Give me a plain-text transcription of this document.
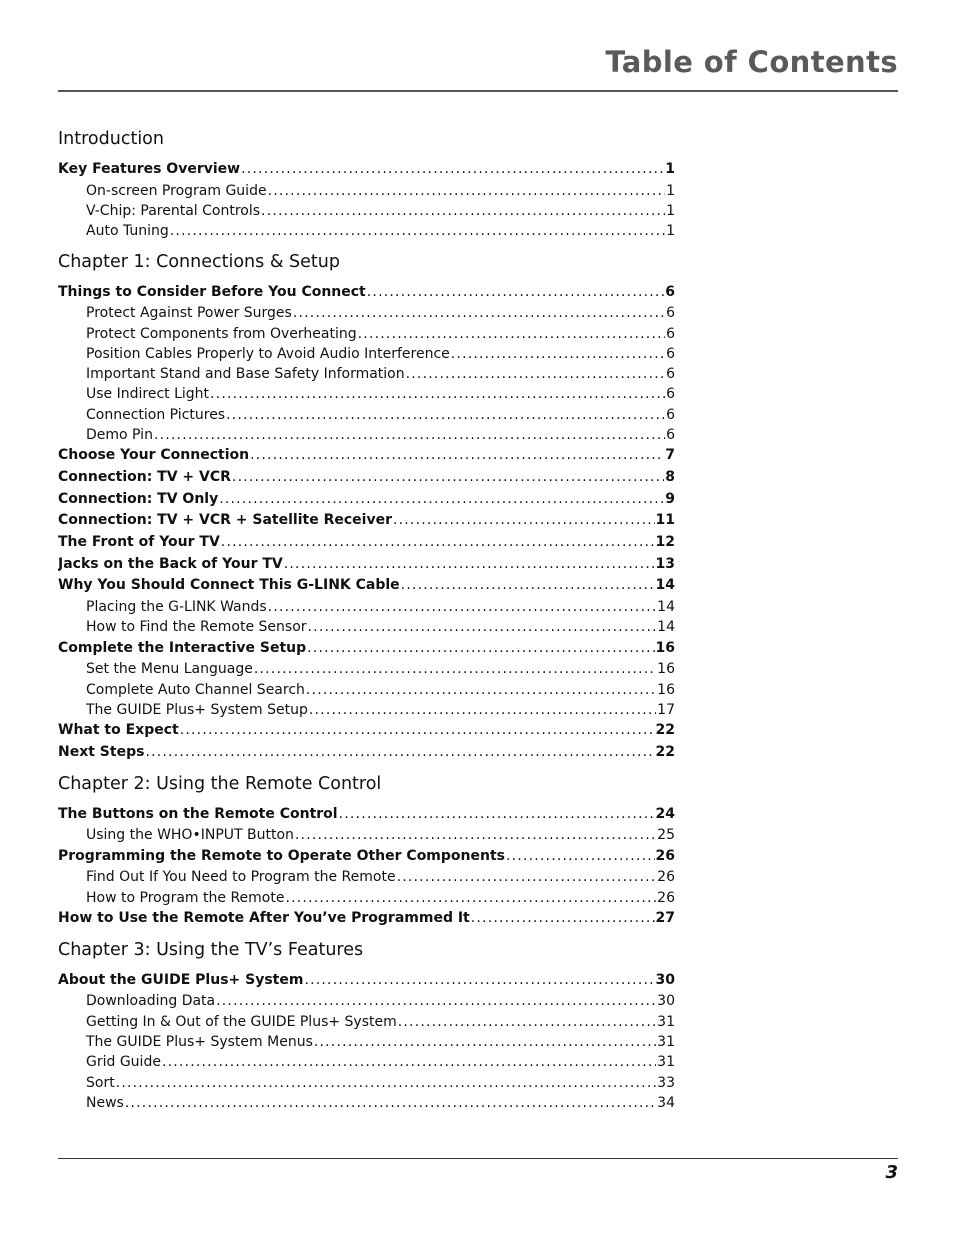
Table of Contents
Introduction
Key Features Overview .....	1
On-screen Program Guide .....	1
V-Chip: Parental Controls .....	1
Auto Tuning .....	1
Chapter 1: Connections & Setup
Things to Consider Before You Connect .....	6
Protect Against Power Surges .....	6
Protect Components from Overheating .....	6
Position Cables Properly to Avoid Audio Interference .....	6
Important Stand and Base Safety Information .....	6
Use Indirect Light .....	6
Connection Pictures .....	6
Demo Pin .....	6
Choose Your Connection .....	7
Connection: TV + VCR .....	8
Connection: TV Only .....	9
Connection: TV + VCR + Satellite Receiver .....	11
The Front of Your TV .....	12
Jacks on the Back of Your TV .....	13
Why You Should Connect This G-LINK Cable .....	14
Placing the G-LINK Wands .....	14
How to Find the Remote Sensor .....	14
Complete the Interactive Setup .....	16
Set the Menu Language .....	16
Complete Auto Channel Search .....	16
The GUIDE Plus+ System Setup .....	17
What to Expect .....	22
Next Steps .....	22
Chapter 2: Using the Remote Control
The Buttons on the Remote Control .....	24
Using the WHO•INPUT Button .....	25
Programming the Remote to Operate Other Components .....	26
Find Out If You Need to Program the Remote .....	26
How to Program the Remote .....	26
How to Use the Remote After You’ve Programmed It .....	27
Chapter 3: Using the TV’s Features
About the GUIDE Plus+ System .....	30
Downloading Data .....	30
Getting In & Out of the GUIDE Plus+ System .....	31
The GUIDE Plus+ System Menus .....	31
Grid Guide .....	31
Sort .....	33
News .....	34
3
